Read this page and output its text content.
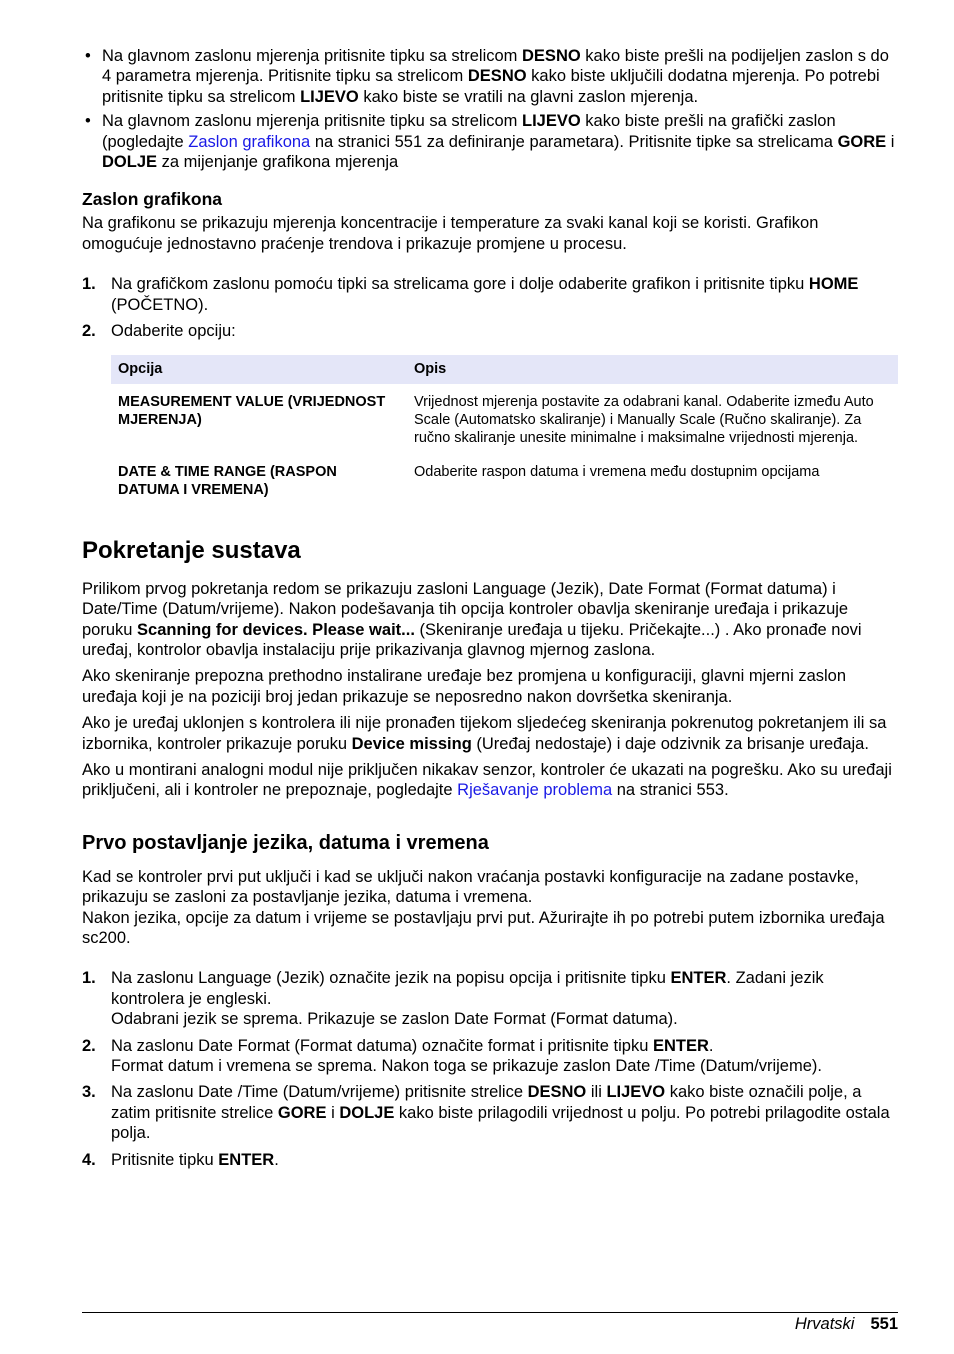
• Na glavnom zaslonu mjerenja pritisnite tipku sa strelicom DESNO kako biste prešli na podijeljen zaslon s do 4 parametra mjerenja. Pritisnite tipku sa strelicom DESNO kako biste uključili dodatna mjerenja. Po potrebi pritisnite tipku sa strelicom LIJEVO kako biste se vratili na glavni zaslon mjerenja.
• Na glavnom zaslonu mjerenja pritisnite tipku sa strelicom LIJEVO kako biste prešli na grafički zaslon (pogledajte Zaslon grafikona na stranici 551 za definiranje parametara). Pritisnite tipke sa strelicama GORE i DOLJE za mijenjanje grafikona mjerenja
Zaslon grafikona

Na grafikonu se prikazuju mjerenja koncentracije i temperature za svaki kanal koji se koristi. Grafikon omogućuje jednostavno praćenje trendova i prikazuje promjene u procesu.

1. Na grafičkom zaslonu pomoću tipki sa strelicama gore i dolje odaberite grafikon i pritisnite tipku HOME (POČETNO).
2. Odaberite opciju:
Opcija	Opis
MEASUREMENT VALUE (VRIJEDNOST MJERENJA)	Vrijednost mjerenja postavite za odabrani kanal. Odaberite između Auto Scale (Automatsko skaliranje) i Manually Scale (Ručno skaliranje). Za ručno skaliranje unesite minimalne i maksimalne vrijednosti mjerenja.
DATE & TIME RANGE (RASPON DATUMA I VREMENA)	Odaberite raspon datuma i vremena među dostupnim opcijama
Pokretanje sustava

Prilikom prvog pokretanja redom se prikazuju zasloni Language (Jezik), Date Format (Format datuma) i Date/Time (Datum/vrijeme). Nakon podešavanja tih opcija kontroler obavlja skeniranje uređaja i prikazuje poruku Scanning for devices. Please wait... (Skeniranje uređaja u tijeku. Pričekajte...) . Ako pronađe novi uređaj, kontrolor obavlja instalaciju prije prikazivanja glavnog mjernog zaslona.

Ako skeniranje prepozna prethodno instalirane uređaje bez promjena u konfiguraciji, glavni mjerni zaslon uređaja koji je na poziciji broj jedan prikazuje se neposredno nakon dovršetka skeniranja.

Ako je uređaj uklonjen s kontrolera ili nije pronađen tijekom sljedećeg skeniranja pokrenutog pokretanjem ili sa izbornika, kontroler prikazuje poruku Device missing (Uređaj nedostaje) i daje odzivnik za brisanje uređaja.

Ako u montirani analogni modul nije priključen nikakav senzor, kontroler će ukazati na pogrešku. Ako su uređaji priključeni, ali i kontroler ne prepoznaje, pogledajte Rješavanje problema na stranici 553.

Prvo postavljanje jezika, datuma i vremena

Kad se kontroler prvi put uključi i kad se uključi nakon vraćanja postavki konfiguracije na zadane postavke, prikazuju se zasloni za postavljanje jezika, datuma i vremena.

Nakon jezika, opcije za datum i vrijeme se postavljaju prvi put. Ažurirajte ih po potrebi putem izbornika uređaja sc200.

1. Na zaslonu Language (Jezik) označite jezik na popisu opcija i pritisnite tipku ENTER. Zadani jezik kontrolera je engleski.
Odabrani jezik se sprema. Prikazuje se zaslon Date Format (Format datuma).
2. Na zaslonu Date Format (Format datuma) označite format i pritisnite tipku ENTER.
Format datum i vremena se sprema. Nakon toga se prikazuje zaslon Date /Time (Datum/vrijeme).
3. Na zaslonu Date /Time (Datum/vrijeme) pritisnite strelice DESNO ili LIJEVO kako biste označili polje, a zatim pritisnite strelice GORE i DOLJE kako biste prilagodili vrijednost u polju. Po potrebi prilagodite ostala polja.
4. Pritisnite tipku ENTER.
Hrvatski 551
